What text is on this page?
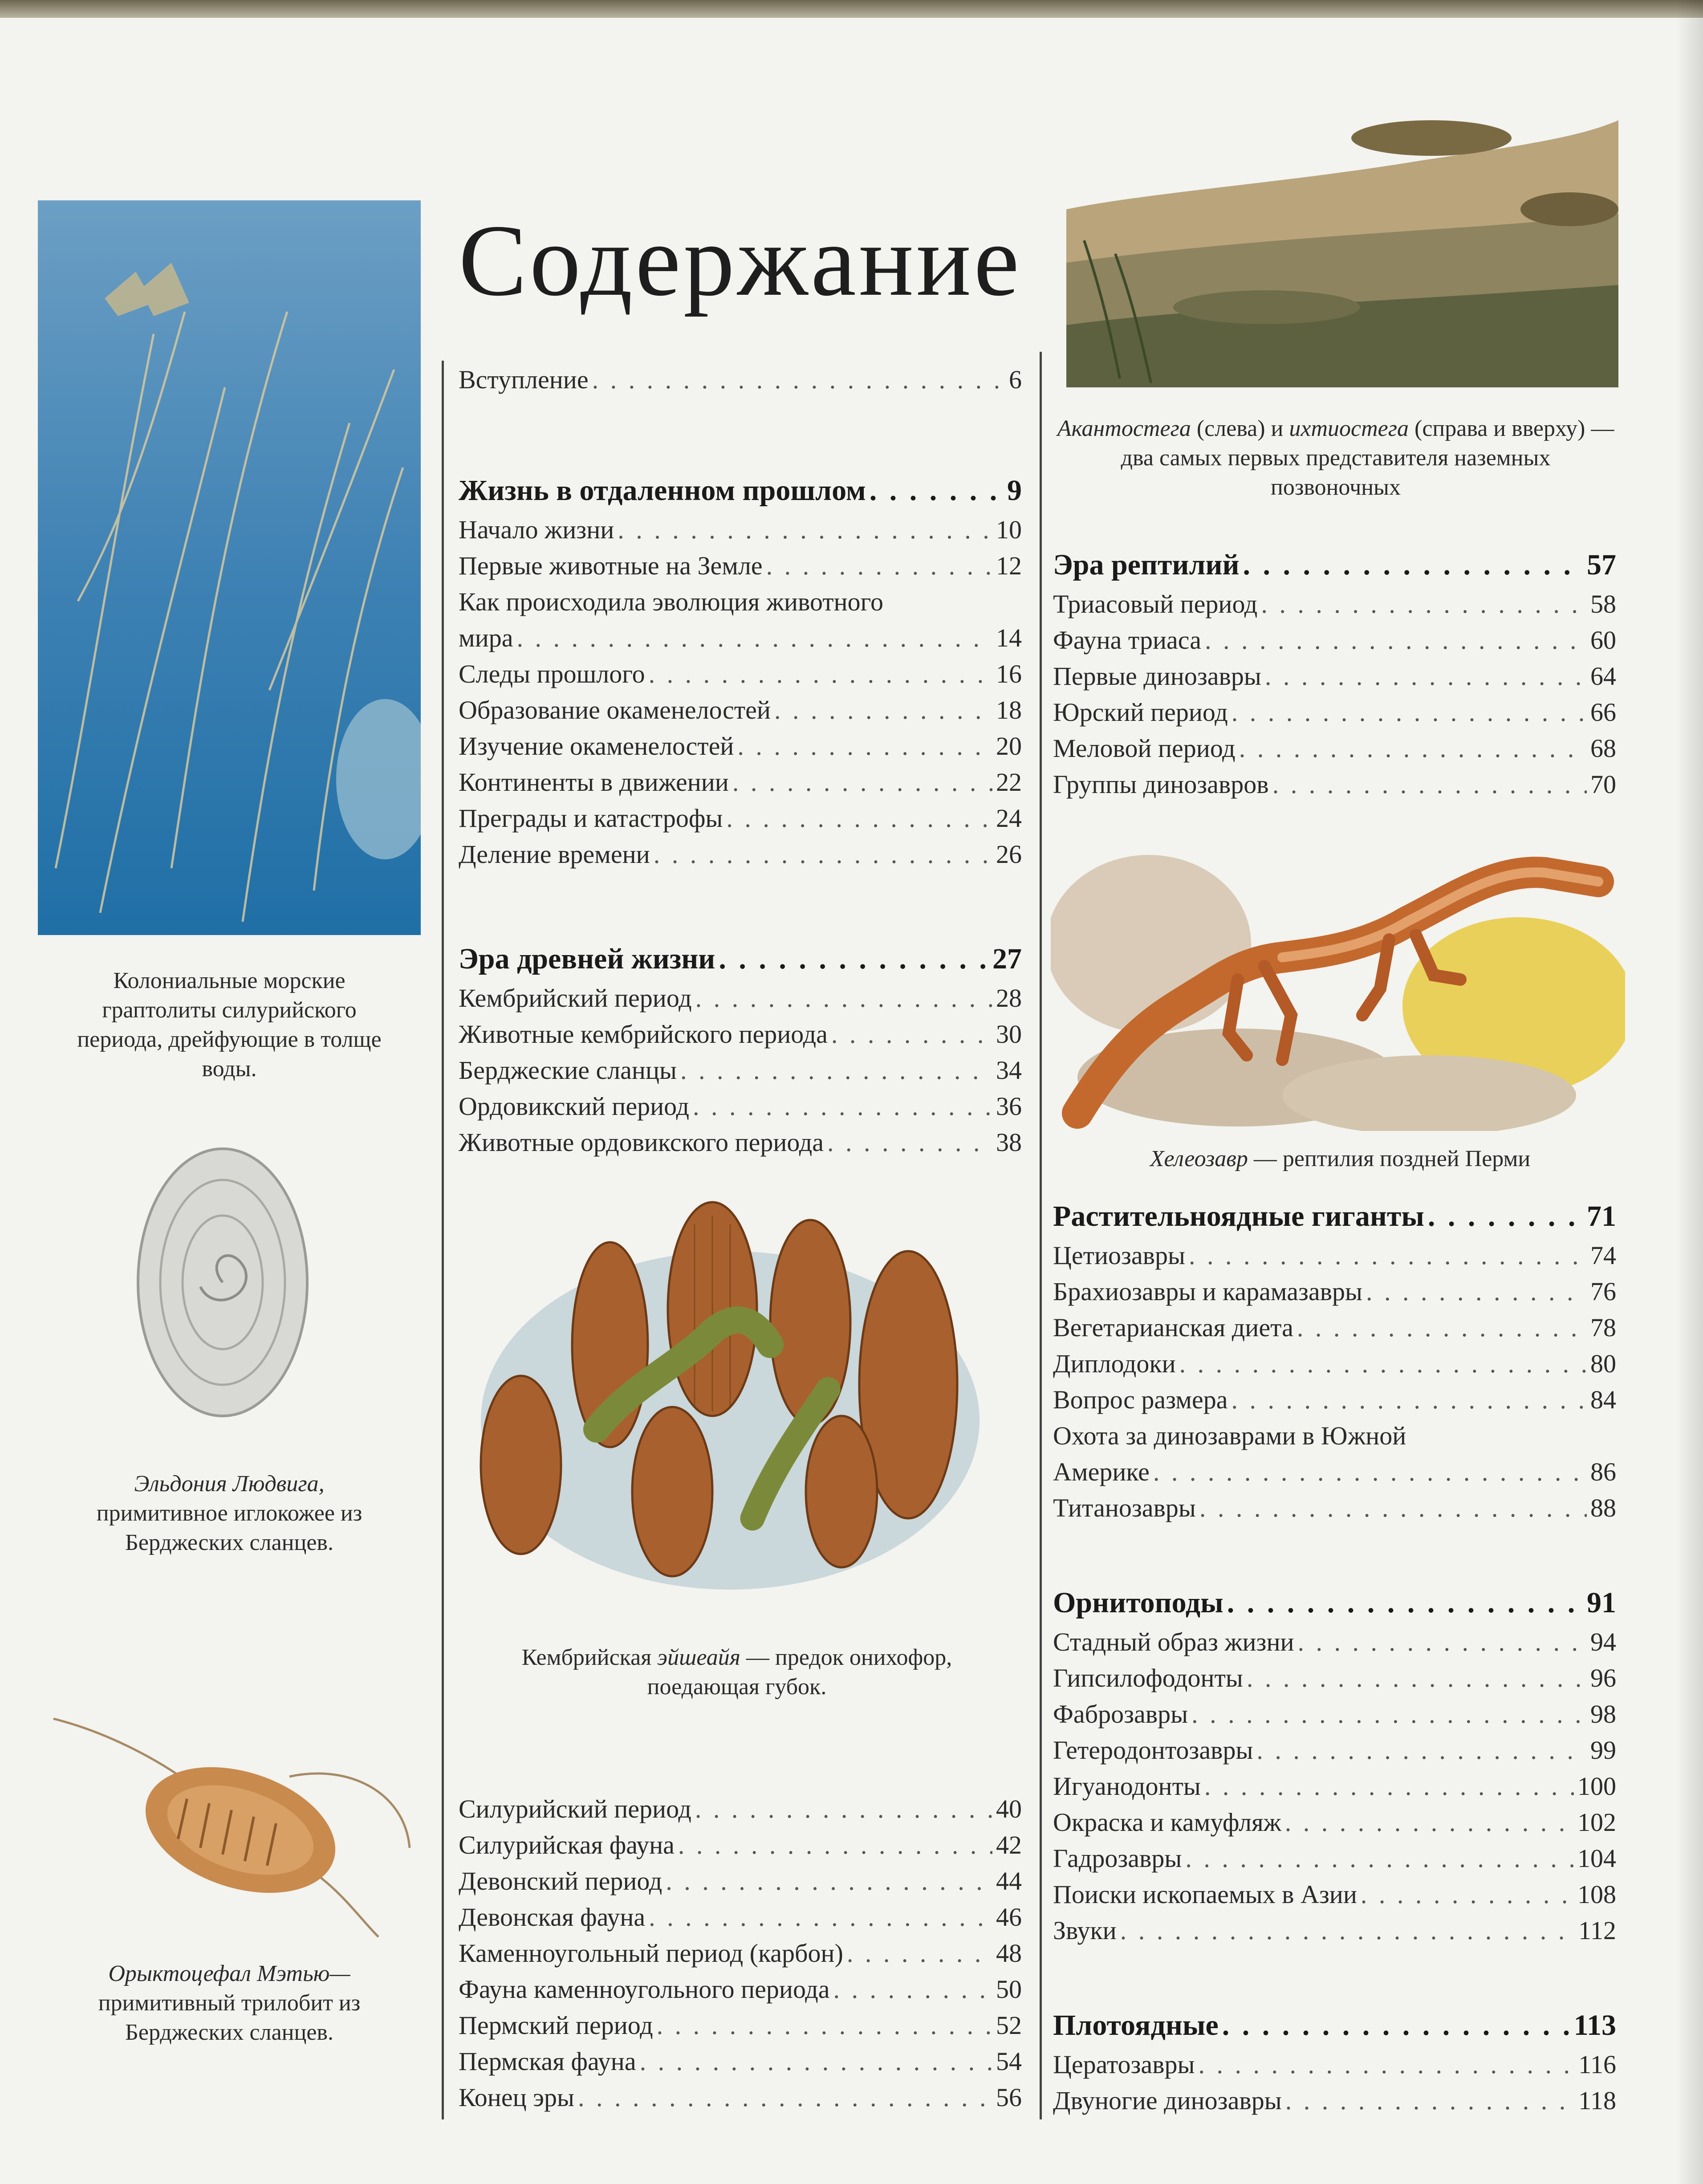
Содержание
Колониальные морские граптолиты силурийского периода, дрейфующие в толще воды.
Эльдония Людвига, примитивное иглокожее из Берджеских сланцев.
Орыктоцефал Мэтью— примитивный трилобит из Берджеских сланцев.
Кембрийская эйшеайя — предок онихофор, поедающая губок.
Акантостега (слева) и ихтиостега (справа и вверху) — два самых первых представителя наземных позвоночных
Хелеозавр — рептилия поздней Перми
Вступление . . .	6
Жизнь в отдаленном прошлом . . .	9
Начало жизни . . .	10
Первые животные на Земле . . .	12
Как происходила эволюция животного
мира . . .	14
Следы прошлого . . .	16
Образование окаменелостей . . .	18
Изучение окаменелостей . . .	20
Континенты в движении . . .	22
Преграды и катастрофы . . .	24
Деление времени . . .	26
Эра древней жизни . . .	27
Кембрийский период . . .	28
Животные кембрийского периода . . .	30
Берджеские сланцы . . .	34
Ордовикский период . . .	36
Животные ордовикского периода . . .	38
Силурийский период . . .	40
Силурийская фауна . . .	42
Девонский период . . .	44
Девонская фауна . . .	46
Каменноугольный период (карбон) . . .	48
Фауна каменноугольного периода . . .	50
Пермский период . . .	52
Пермская фауна . . .	54
Конец эры . . .	56
Эра рептилий . . .	57
Триасовый период . . .	58
Фауна триаса . . .	60
Первые динозавры . . .	64
Юрский период . . .	66
Меловой период . . .	68
Группы динозавров . . .	70
Растительноядные гиганты . . .	71
Цетиозавры . . .	74
Брахиозавры и карамазавры . . .	76
Вегетарианская диета . . .	78
Диплодоки . . .	80
Вопрос размера . . .	84
Охота за динозаврами в Южной
Америке . . .	86
Титанозавры . . .	88
Орнитоподы . . .	91
Стадный образ жизни . . .	94
Гипсилофодонты . . .	96
Фаброзавры . . .	98
Гетеродонтозавры . . .	99
Игуанодонты . . .	100
Окраска и камуфляж . . .	102
Гадрозавры . . .	104
Поиски ископаемых в Азии . . .	108
Звуки . . .	112
Плотоядные . . .	113
Цератозавры . . .	116
Двуногие динозавры . . .	118
